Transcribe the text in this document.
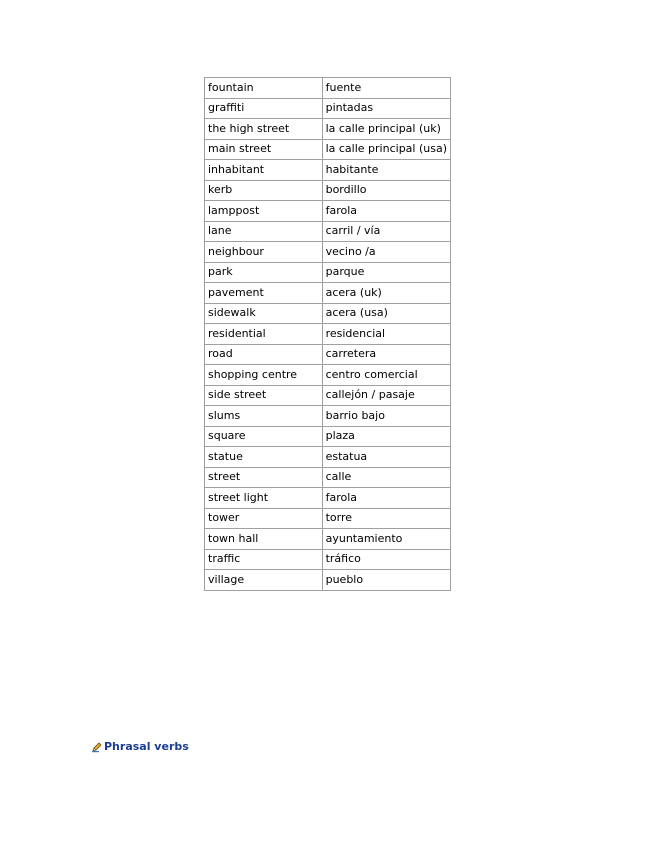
fountain	fuente
graffiti	pintadas
the high street	la calle principal (uk)
main street	la calle principal (usa)
inhabitant	habitante
kerb	bordillo
lamppost	farola
lane	carril / vía
neighbour	vecino /a
park	parque
pavement	acera (uk)
sidewalk	acera (usa)
residential	residencial
road	carretera
shopping centre	centro comercial
side street	callejón / pasaje
slums	barrio bajo
square	plaza
statue	estatua
street	calle
street light	farola
tower	torre
town hall	ayuntamiento
traffic	tráfico
village	pueblo
Phrasal verbs
